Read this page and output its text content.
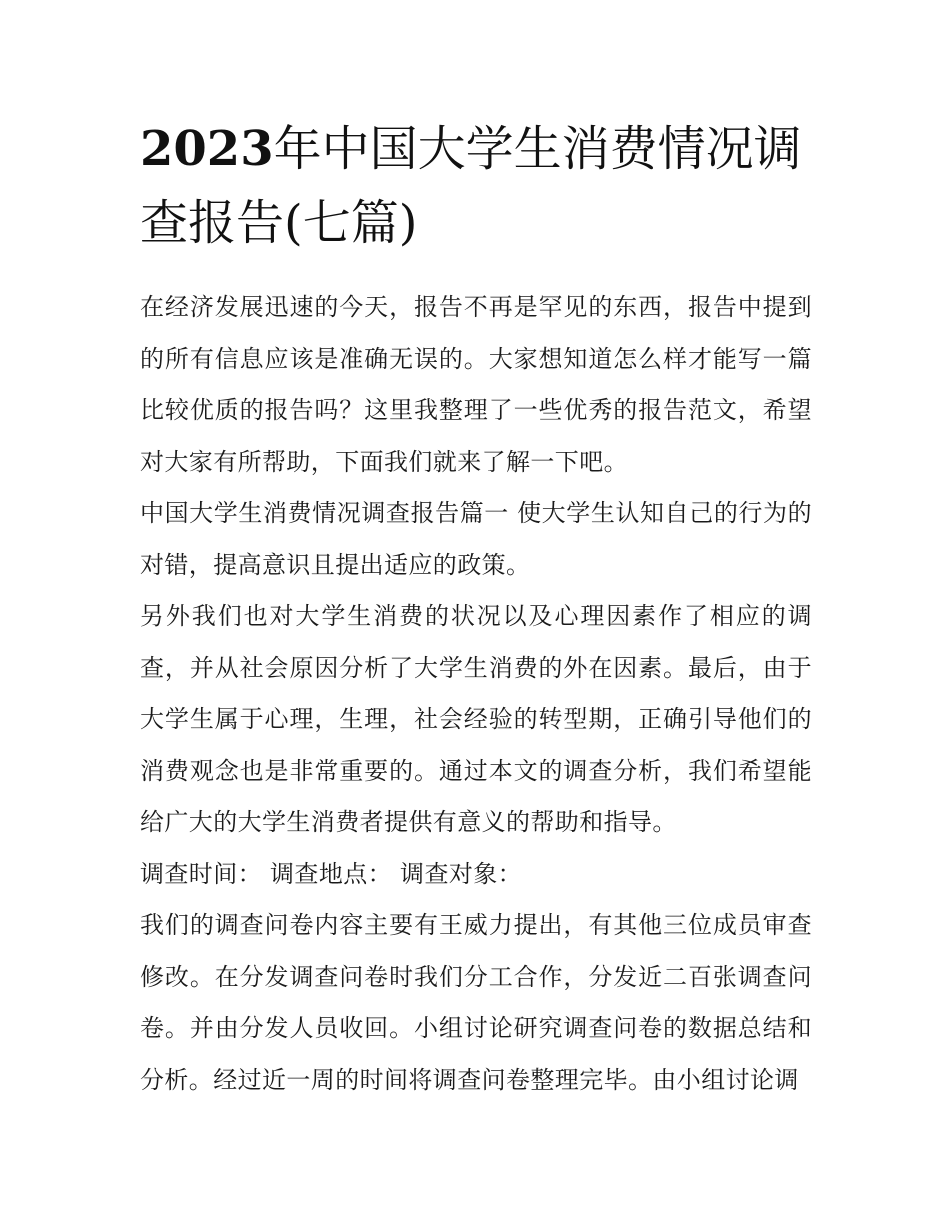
2023年中国大学生消费情况调查报告(七篇)

在经济发展迅速的今天，报告不再是罕见的东西，报告中提到的所有信息应该是准确无误的。大家想知道怎么样才能写一篇比较优质的报告吗？这里我整理了一些优秀的报告范文，希望对大家有所帮助，下面我们就来了解一下吧。

中国大学生消费情况调查报告篇一 使大学生认知自己的行为的对错，提高意识且提出适应的政策。

另外我们也对大学生消费的状况以及心理因素作了相应的调查，并从社会原因分析了大学生消费的外在因素。最后，由于大学生属于心理，生理，社会经验的转型期，正确引导他们的消费观念也是非常重要的。通过本文的调查分析，我们希望能给广大的大学生消费者提供有意义的帮助和指导。

调查时间： 调查地点： 调查对象：

我们的调查问卷内容主要有王威力提出，有其他三位成员审查修改。在分发调查问卷时我们分工合作，分发近二百张调查问卷。并由分发人员收回。小组讨论研究调查问卷的数据总结和分析。经过近一周的时间将调查问卷整理完毕。由小组讨论调
